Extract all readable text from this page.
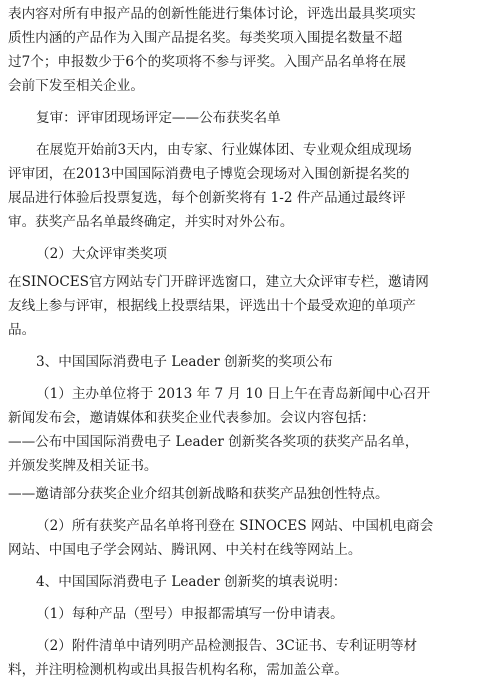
表内容对所有申报产品的创新性能进行集体讨论，评选出最具奖项实
质性内涵的产品作为入围产品提名奖。每类奖项入围提名数量不超
过7个；申报数少于6个的奖项将不参与评奖。入围产品名单将在展
会前下发至相关企业。
复审：评审团现场评定——公布获奖名单
在展览开始前3天内，由专家、行业媒体团、专业观众组成现场
评审团，在2013中国国际消费电子博览会现场对入围创新提名奖的
展品进行体验后投票复选，每个创新奖将有 1-2 件产品通过最终评
审。获奖产品名单最终确定，并实时对外公布。
（2）大众评审类奖项
在SINOCES官方网站专门开辟评选窗口，建立大众评审专栏，邀请网
友线上参与评审，根据线上投票结果，评选出十个最受欢迎的单项产
品。
3、中国国际消费电子 Leader 创新奖的奖项公布
（1）主办单位将于 2013 年 7 月 10 日上午在青岛新闻中心召开
新闻发布会，邀请媒体和获奖企业代表参加。会议内容包括：
——公布中国国际消费电子 Leader 创新奖各奖项的获奖产品名单，
并颁发奖牌及相关证书。
——邀请部分获奖企业介绍其创新战略和获奖产品独创性特点。
（2）所有获奖产品名单将刊登在 SINOCES 网站、中国机电商会
网站、中国电子学会网站、腾讯网、中关村在线等网站上。
4、中国国际消费电子 Leader 创新奖的填表说明：
（1）每种产品（型号）申报都需填写一份申请表。
（2）附件清单中请列明产品检测报告、3C证书、专利证明等材
料，并注明检测机构或出具报告机构名称，需加盖公章。
